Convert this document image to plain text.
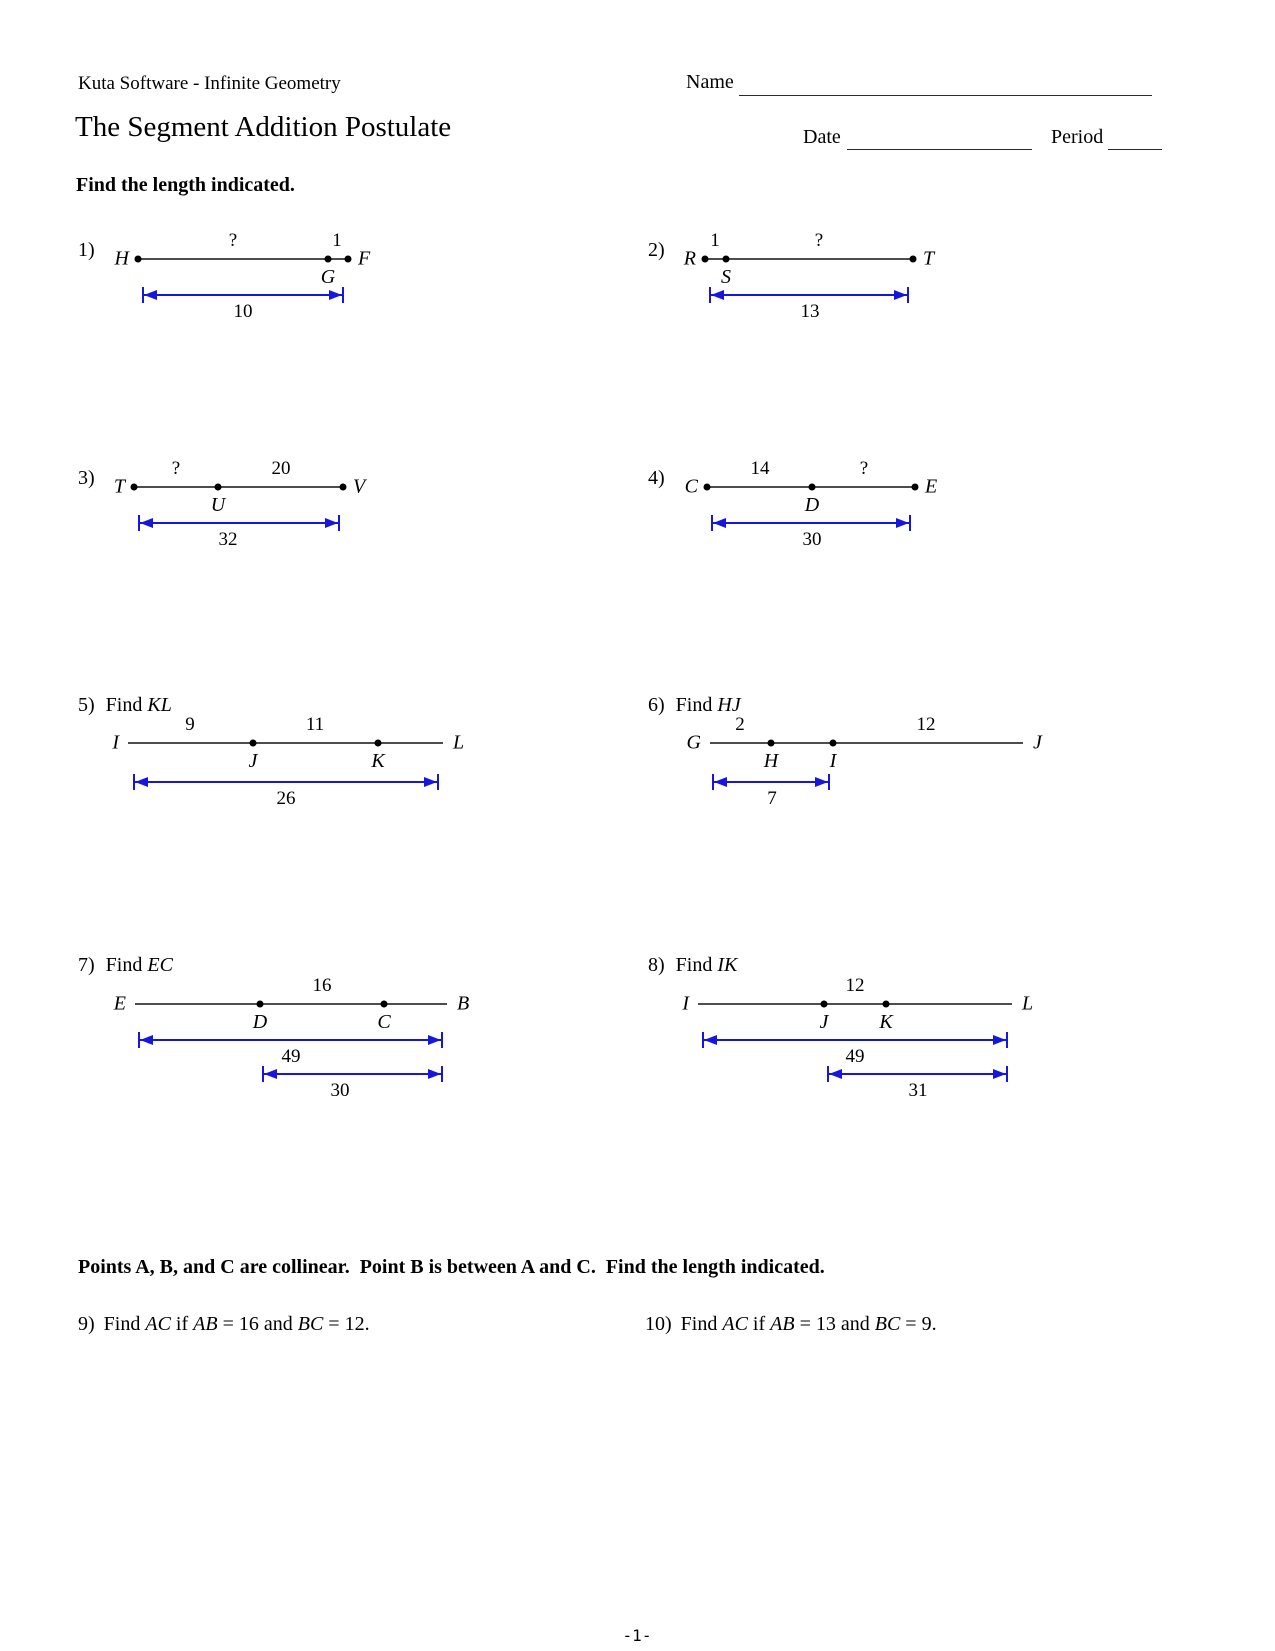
Kuta Software - Infinite Geometry	Name
The Segment Addition Postulate	Date	Period
Find the length indicated.
1) H
G
F
?	1
10
2) R
S
T
1	?
13
3) T
U
V
?	20
32
4) C
D
E
14	?
30
5) Find KL
I
J	K
L
9	11
26
6) Find HJ
G
H	I
J
2	12
7
7) Find EC
E
D	C
B
16
49
30
8) Find IK
I
J	K
L
12
49
31
Points A, B, and C are collinear.  Point B is between A and C.  Find the length indicated.
9) Find AC if AB = 16 and BC = 12.	10) Find AC if AB = 13 and BC = 9.
-1-
